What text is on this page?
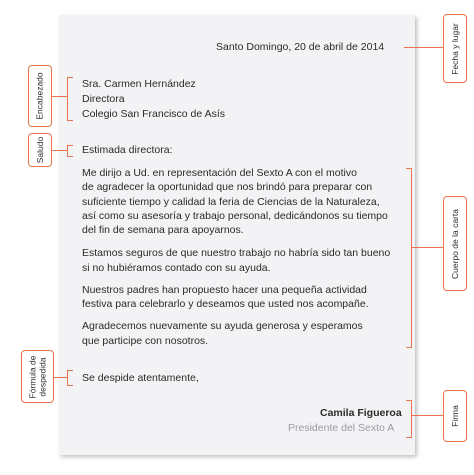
Santo Domingo, 20 de abril de 2014

Sra. Carmen Hernández

Directora

Colegio San Francisco de Asís

Estimada directora:

Me dirijo a Ud. en representación del Sexto A con el motivo

de agradecer la oportunidad que nos brindó para preparar con

suficiente tiempo y calidad la feria de Ciencias de la Naturaleza,

así como su asesoría y trabajo personal, dedicándonos su tiempo

del fin de semana para apoyarnos.

Estamos seguros de que nuestro trabajo no habría sido tan bueno

si no hubiéramos contado con su ayuda.

Nuestros padres han propuesto hacer una pequeña actividad

festiva para celebrarlo y deseamos que usted nos acompañe.

Agradecemos nuevamente su ayuda generosa y esperamos

que participe con nosotros.

Se despide atentamente,

Camila Figueroa

Presidente del Sexto A

Fecha y lugar
Cuerpo de la carta
Firma
Encabezado
Saludo
Fórmula de
despedida
